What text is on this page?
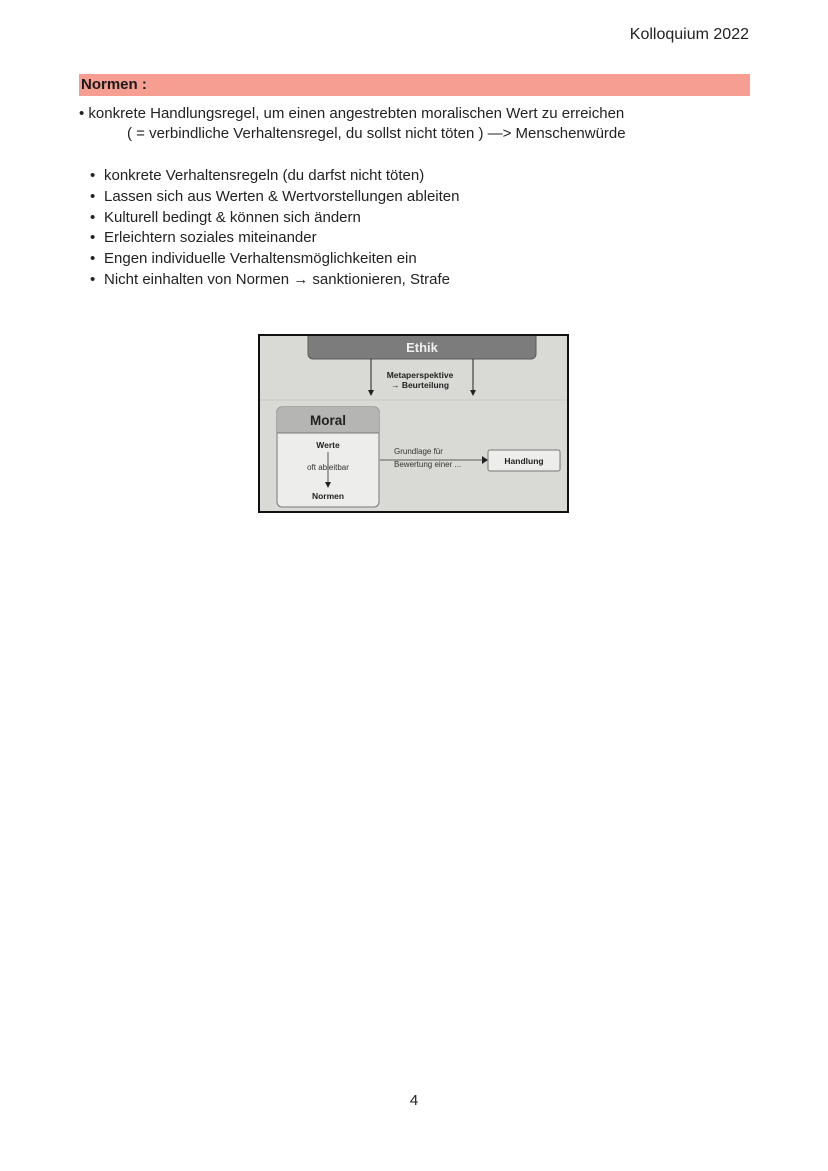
Kolloquium 2022
Normen :
• konkrete Handlungsregel, um einen angestrebten moralischen Wert zu erreichen
( = verbindliche Verhaltensregel, du sollst nicht töten ) —> Menschenwürde
• konkrete Verhaltensregeln (du darfst nicht töten)
• Lassen sich aus Werten & Wertvorstellungen ableiten
• Kulturell bedingt & können sich ändern
• Erleichtern soziales miteinander
• Engen individuelle Verhaltensmöglichkeiten ein
• Nicht einhalten von Normen → sanktionieren, Strafe
Ethik
Metaperspektive
→ Beurteilung
Moral
Werte
oft ableitbar
Normen
Grundlage für
Bewertung einer ...	Handlung
4
